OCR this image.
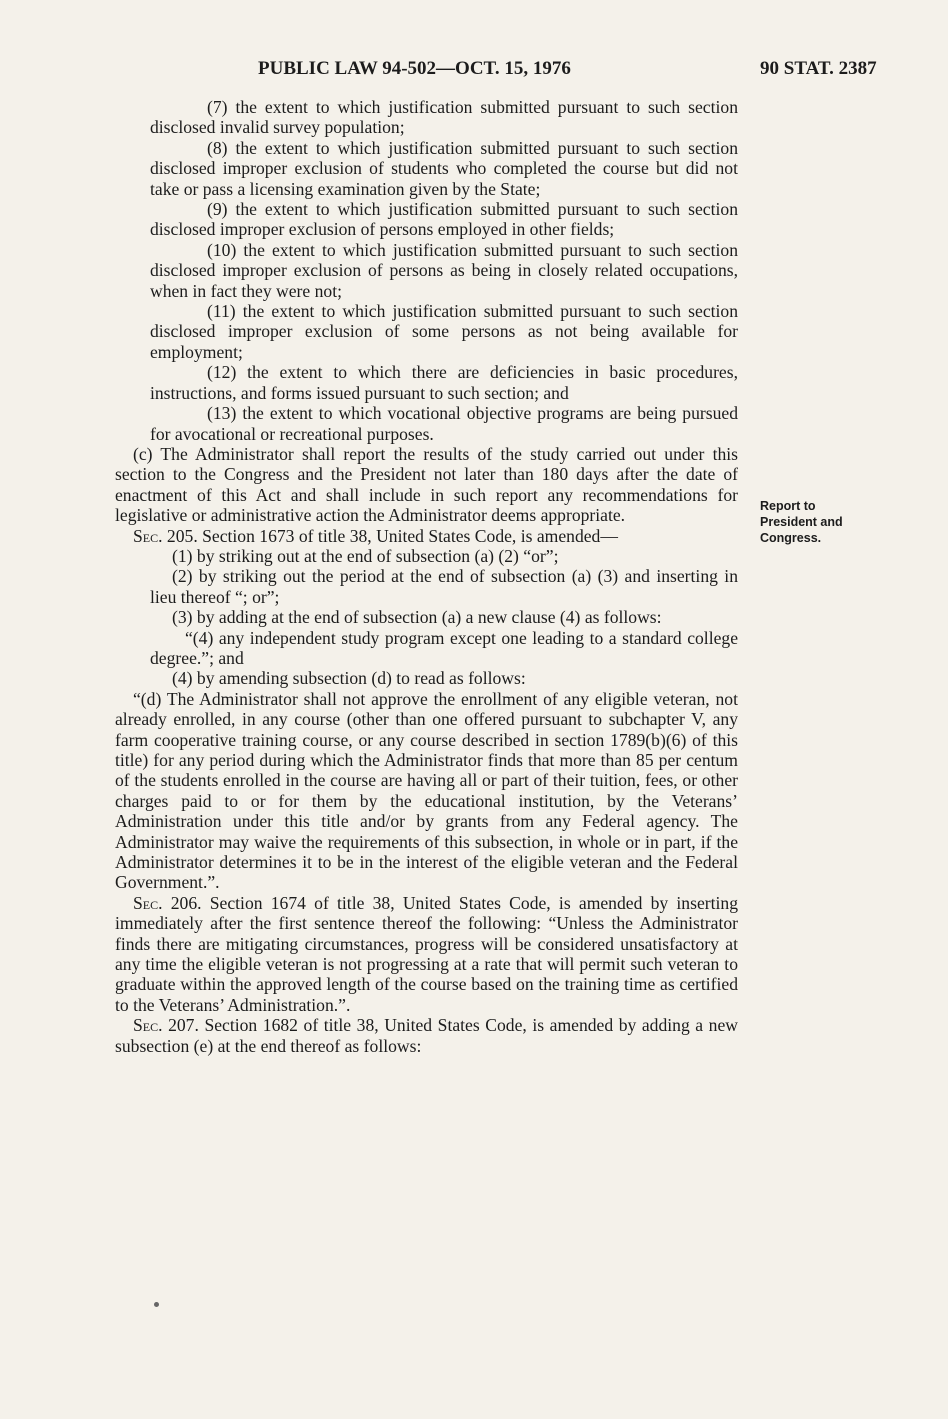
PUBLIC LAW 94-502—OCT. 15, 1976	90 STAT. 2387

(7) the extent to which justification submitted pursuant to such section disclosed invalid survey population;

(8) the extent to which justification submitted pursuant to such section disclosed improper exclusion of students who completed the course but did not take or pass a licensing examination given by the State;

(9) the extent to which justification submitted pursuant to such section disclosed improper exclusion of persons employed in other fields;

(10) the extent to which justification submitted pursuant to such section disclosed improper exclusion of persons as being in closely related occupations, when in fact they were not;

(11) the extent to which justification submitted pursuant to such section disclosed improper exclusion of some persons as not being available for employment;

(12) the extent to which there are deficiencies in basic procedures, instructions, and forms issued pursuant to such section; and

(13) the extent to which vocational objective programs are being pursued for avocational or recreational purposes.

(c) The Administrator shall report the results of the study carried out under this section to the Congress and the President not later than 180 days after the date of enactment of this Act and shall include in such report any recommendations for legislative or administrative action the Administrator deems appropriate.

Sec. 205. Section 1673 of title 38, United States Code, is amended—

(1) by striking out at the end of subsection (a) (2) “or”;

(2) by striking out the period at the end of subsection (a) (3) and inserting in lieu thereof “; or”;

(3) by adding at the end of subsection (a) a new clause (4) as follows:

“(4) any independent study program except one leading to a standard college degree.”; and

(4) by amending subsection (d) to read as follows:

“(d) The Administrator shall not approve the enrollment of any eligible veteran, not already enrolled, in any course (other than one offered pursuant to subchapter V, any farm cooperative training course, or any course described in section 1789(b)(6) of this title) for any period during which the Administrator finds that more than 85 per centum of the students enrolled in the course are having all or part of their tuition, fees, or other charges paid to or for them by the educational institution, by the Veterans’ Administration under this title and/or by grants from any Federal agency. The Administrator may waive the requirements of this subsection, in whole or in part, if the Administrator determines it to be in the interest of the eligible veteran and the Federal Government.”.

Sec. 206. Section 1674 of title 38, United States Code, is amended by inserting immediately after the first sentence thereof the following: “Unless the Administrator finds there are mitigating circumstances, progress will be considered unsatisfactory at any time the eligible veteran is not progressing at a rate that will permit such veteran to graduate within the approved length of the course based on the training time as certified to the Veterans’ Administration.”.

Sec. 207. Section 1682 of title 38, United States Code, is amended by adding a new subsection (e) at the end thereof as follows:

Report to
President and
Congress.
